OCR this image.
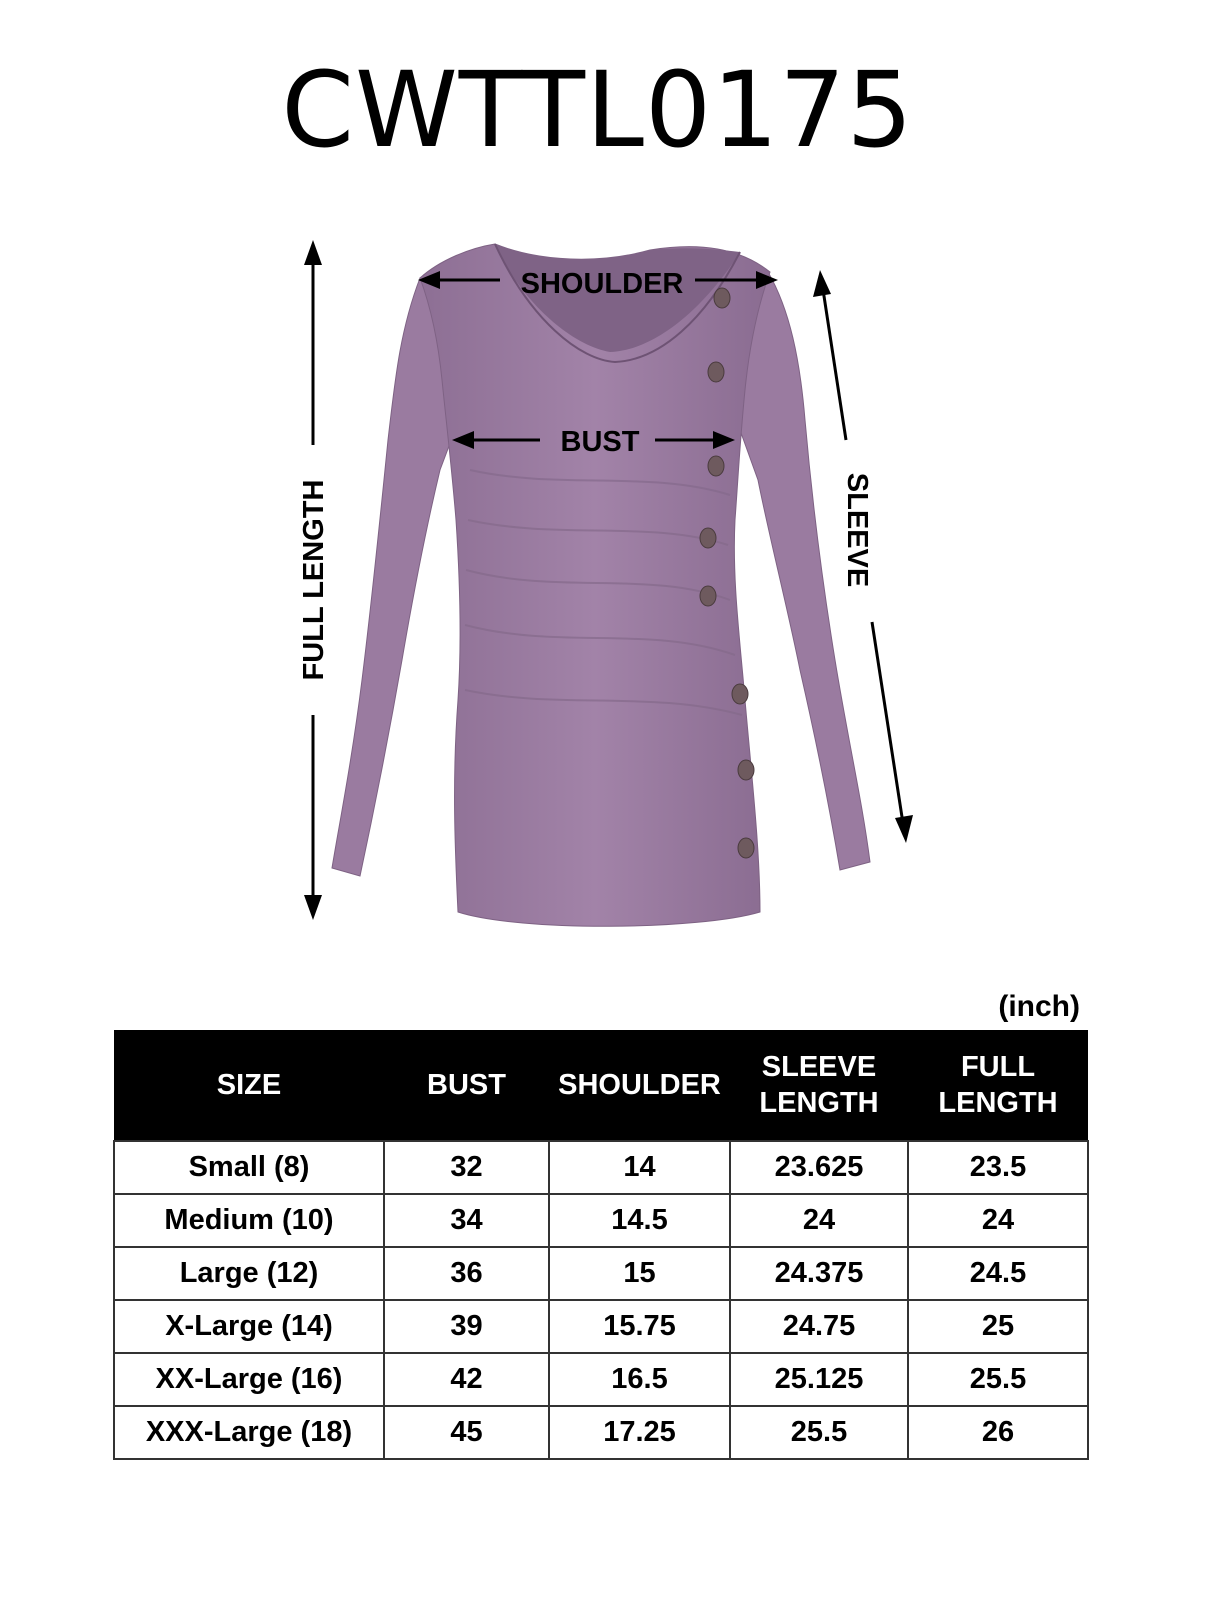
CWTTL0175
SHOULDER
BUST
FULL LENGTH	SLEEVE
(inch)
SIZE	BUST	SHOULDER	SLEEVE LENGTH	FULL LENGTH
Small (8)	32	14	23.625	23.5
Medium (10)	34	14.5	24	24
Large (12)	36	15	24.375	24.5
X-Large (14)	39	15.75	24.75	25
XX-Large (16)	42	16.5	25.125	25.5
XXX-Large (18)	45	17.25	25.5	26
